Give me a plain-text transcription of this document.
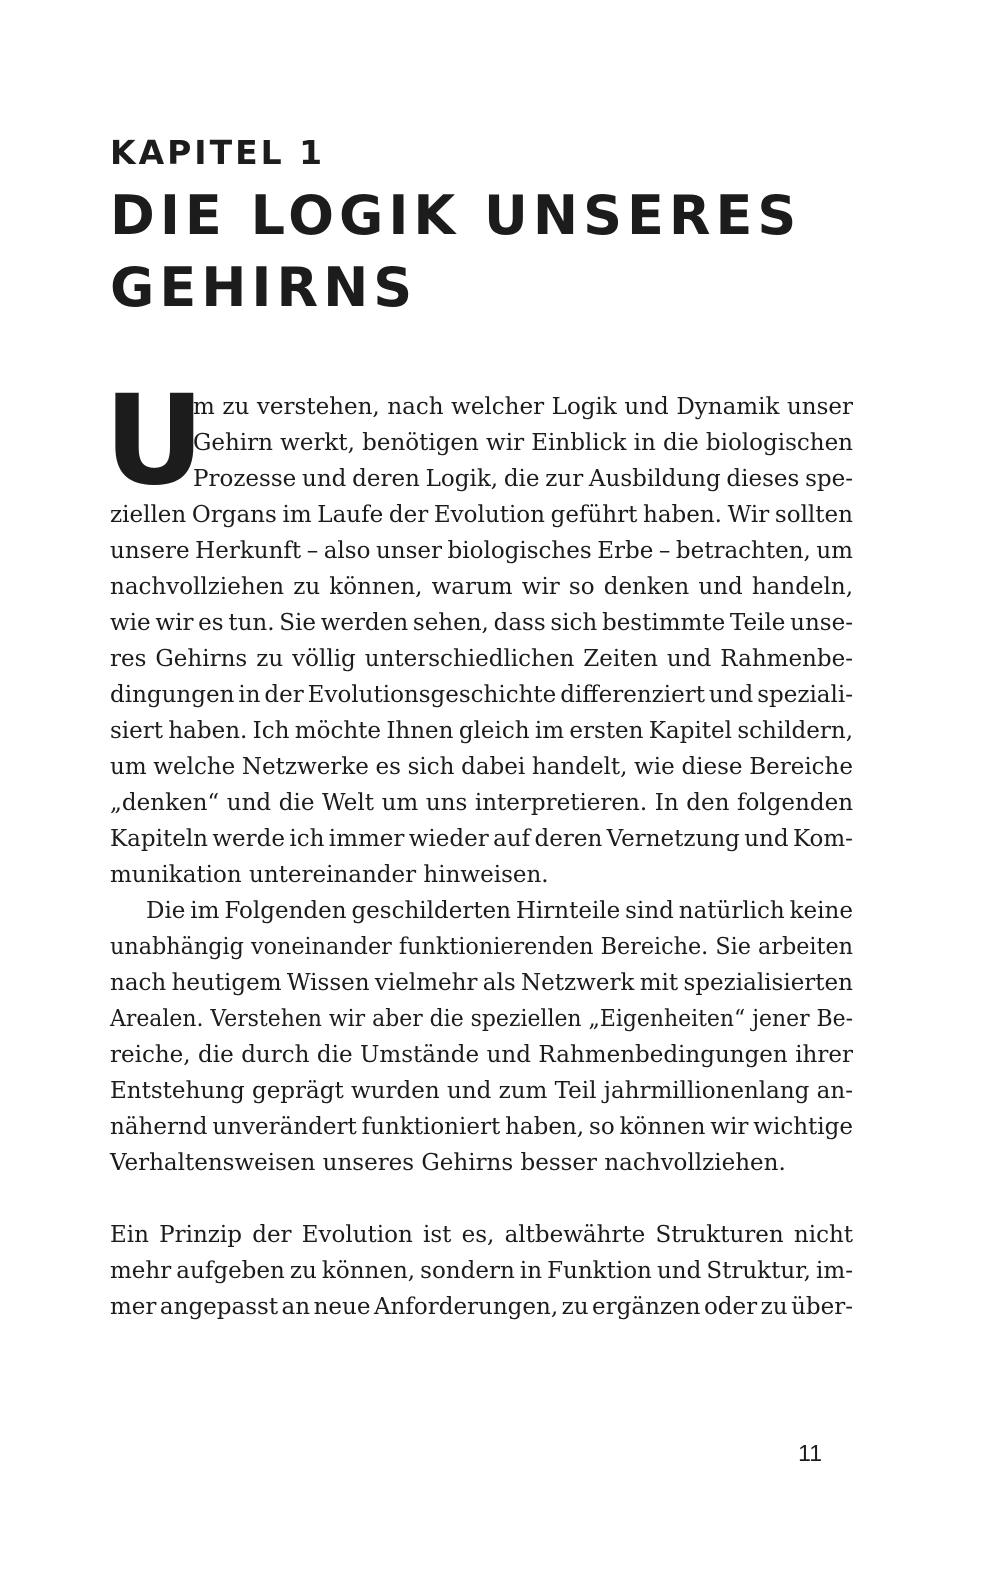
KAPITEL 1
DIE LOGIK UNSERES
GEHIRNS
U
m zu verstehen, nach welcher Logik und Dynamik unser
Gehirn werkt, benötigen wir Einblick in die biologischen
Prozesse und deren Logik, die zur Ausbildung dieses spe-
ziellen Organs im Laufe der Evolution geführt haben. Wir sollten
unsere Herkunft – also unser biologisches Erbe – betrachten, um
nachvollziehen zu können, warum wir so denken und handeln,
wie wir es tun. Sie werden sehen, dass sich bestimmte Teile unse-
res Gehirns zu völlig unterschiedlichen Zeiten und Rahmenbe-
dingungen in der Evolutionsgeschichte differenziert und speziali-
siert haben. Ich möchte Ihnen gleich im ersten Kapitel schildern,
um welche Netzwerke es sich dabei handelt, wie diese Bereiche
„denken“ und die Welt um uns interpretieren. In den folgenden
Kapiteln werde ich immer wieder auf deren Vernetzung und Kom-
munikation untereinander hinweisen.
Die im Folgenden geschilderten Hirnteile sind natürlich keine
unabhängig voneinander funktionierenden Bereiche. Sie arbeiten
nach heutigem Wissen vielmehr als Netzwerk mit spezialisierten
Arealen. Verstehen wir aber die speziellen „Eigenheiten“ jener Be-
reiche, die durch die Umstände und Rahmenbedingungen ihrer
Entstehung geprägt wurden und zum Teil jahrmillionenlang an-
nähernd unverändert funktioniert haben, so können wir wichtige
Verhaltensweisen unseres Gehirns besser nachvollziehen.
Ein Prinzip der Evolution ist es, altbewährte Strukturen nicht
mehr aufgeben zu können, sondern in Funktion und Struktur, im-
mer angepasst an neue Anforderungen, zu ergänzen oder zu über-
11
